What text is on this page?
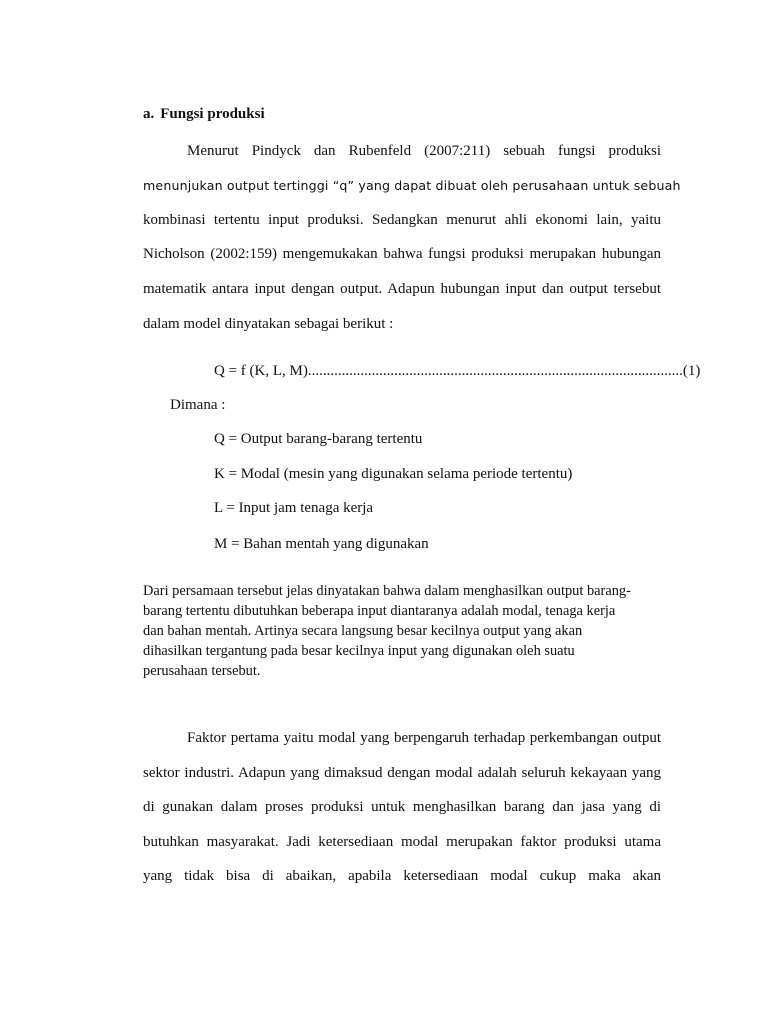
a. Fungsi produksi
Menurut Pindyck dan Rubenfeld (2007:211) sebuah fungsi produksi
menunjukan output tertinggi “q” yang dapat dibuat oleh perusahaan untuk sebuah
kombinasi tertentu input produksi. Sedangkan menurut ahli ekonomi lain, yaitu
Nicholson (2002:159) mengemukakan bahwa fungsi produksi merupakan hubungan
matematik antara input dengan output. Adapun hubungan input dan output tersebut
dalam model dinyatakan sebagai berikut :
Q = f (K, L, M) .................................................................................................... (1)
Dimana :
Q = Output barang-barang tertentu
K = Modal (mesin yang digunakan selama periode tertentu)
L = Input jam tenaga kerja
M = Bahan mentah yang digunakan
Dari persamaan tersebut jelas dinyatakan bahwa dalam menghasilkan output barang-
barang tertentu dibutuhkan beberapa input diantaranya adalah modal, tenaga kerja
dan bahan mentah. Artinya secara langsung besar kecilnya output yang akan
dihasilkan tergantung pada besar kecilnya input yang digunakan oleh suatu
perusahaan tersebut.
Faktor pertama yaitu modal yang berpengaruh terhadap perkembangan output
sektor industri. Adapun yang dimaksud dengan modal adalah seluruh kekayaan yang
di gunakan dalam proses produksi untuk menghasilkan barang dan jasa yang di
butuhkan masyarakat. Jadi ketersediaan modal merupakan faktor produksi utama
yang tidak bisa di abaikan, apabila ketersediaan modal cukup maka akan
